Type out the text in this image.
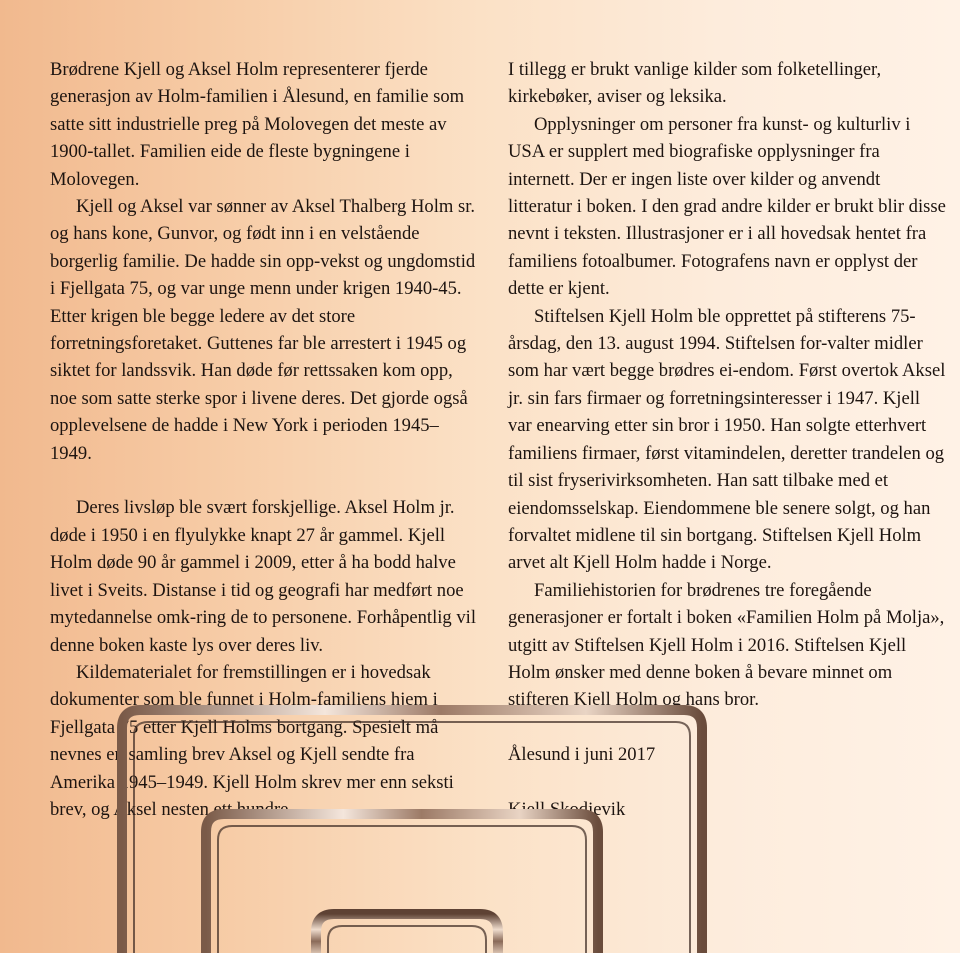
Brødrene Kjell og Aksel Holm representerer fjerde generasjon av Holm-familien i Ålesund, en familie som satte sitt industrielle preg på Molovegen det meste av 1900-tallet. Familien eide de fleste bygningene i Molovegen.

Kjell og Aksel var sønner av Aksel Thalberg Holm sr. og hans kone, Gunvor, og født inn i en velstående borgerlig familie. De hadde sin opp-vekst og ungdomstid i Fjellgata 75, og var unge menn under krigen 1940-45. Etter krigen ble begge ledere av det store forretningsforetaket. Guttenes far ble arrestert i 1945 og siktet for landssvik. Han døde før rettssaken kom opp, noe som satte sterke spor i livene deres. Det gjorde også opplevelsene de hadde i New York i perioden 1945–1949.

Deres livsløp ble svært forskjellige. Aksel Holm jr. døde i 1950 i en flyulykke knapt 27 år gammel. Kjell Holm døde 90 år gammel i 2009, etter å ha bodd halve livet i Sveits. Distanse i tid og geografi har medført noe mytedannelse omk-ring de to personene. Forhåpentlig vil denne boken kaste lys over deres liv.

Kildematerialet for fremstillingen er i hovedsak dokumenter som ble funnet i Holm-familiens hjem i Fjellgata 75 etter Kjell Holms bortgang. Spesielt må nevnes en samling brev Aksel og Kjell sendte fra Amerika 1945–1949. Kjell Holm skrev mer enn seksti brev, og Aksel nesten ett hundre.

I tillegg er brukt vanlige kilder som folketellinger, kirkebøker, aviser og leksika.

Opplysninger om personer fra kunst- og kulturliv i USA er supplert med biografiske opplysninger fra internett. Der er ingen liste over kilder og anvendt litteratur i boken. I den grad andre kilder er brukt blir disse nevnt i teksten. Illustrasjoner er i all hovedsak hentet fra familiens fotoalbumer. Fotografens navn er opplyst der dette er kjent.

Stiftelsen Kjell Holm ble opprettet på stifterens 75-årsdag, den 13. august 1994. Stiftelsen for-valter midler som har vært begge brødres ei-endom. Først overtok Aksel jr. sin fars firmaer og forretningsinteresser i 1947. Kjell var enearving etter sin bror i 1950. Han solgte etterhvert familiens firmaer, først vitamindelen, deretter trandelen og til sist fryserivirksomheten. Han satt tilbake med et eiendomsselskap. Eiendommene ble senere solgt, og han forvaltet midlene til sin bortgang. Stiftelsen Kjell Holm arvet alt Kjell Holm hadde i Norge.

Familiehistorien for brødrenes tre foregående generasjoner er fortalt i boken «Familien Holm på Molja», utgitt av Stiftelsen Kjell Holm i 2016. Stiftelsen Kjell Holm ønsker med denne boken å bevare minnet om stifteren Kjell Holm og hans bror.

Ålesund i juni 2017

Kjell Skodjevik
